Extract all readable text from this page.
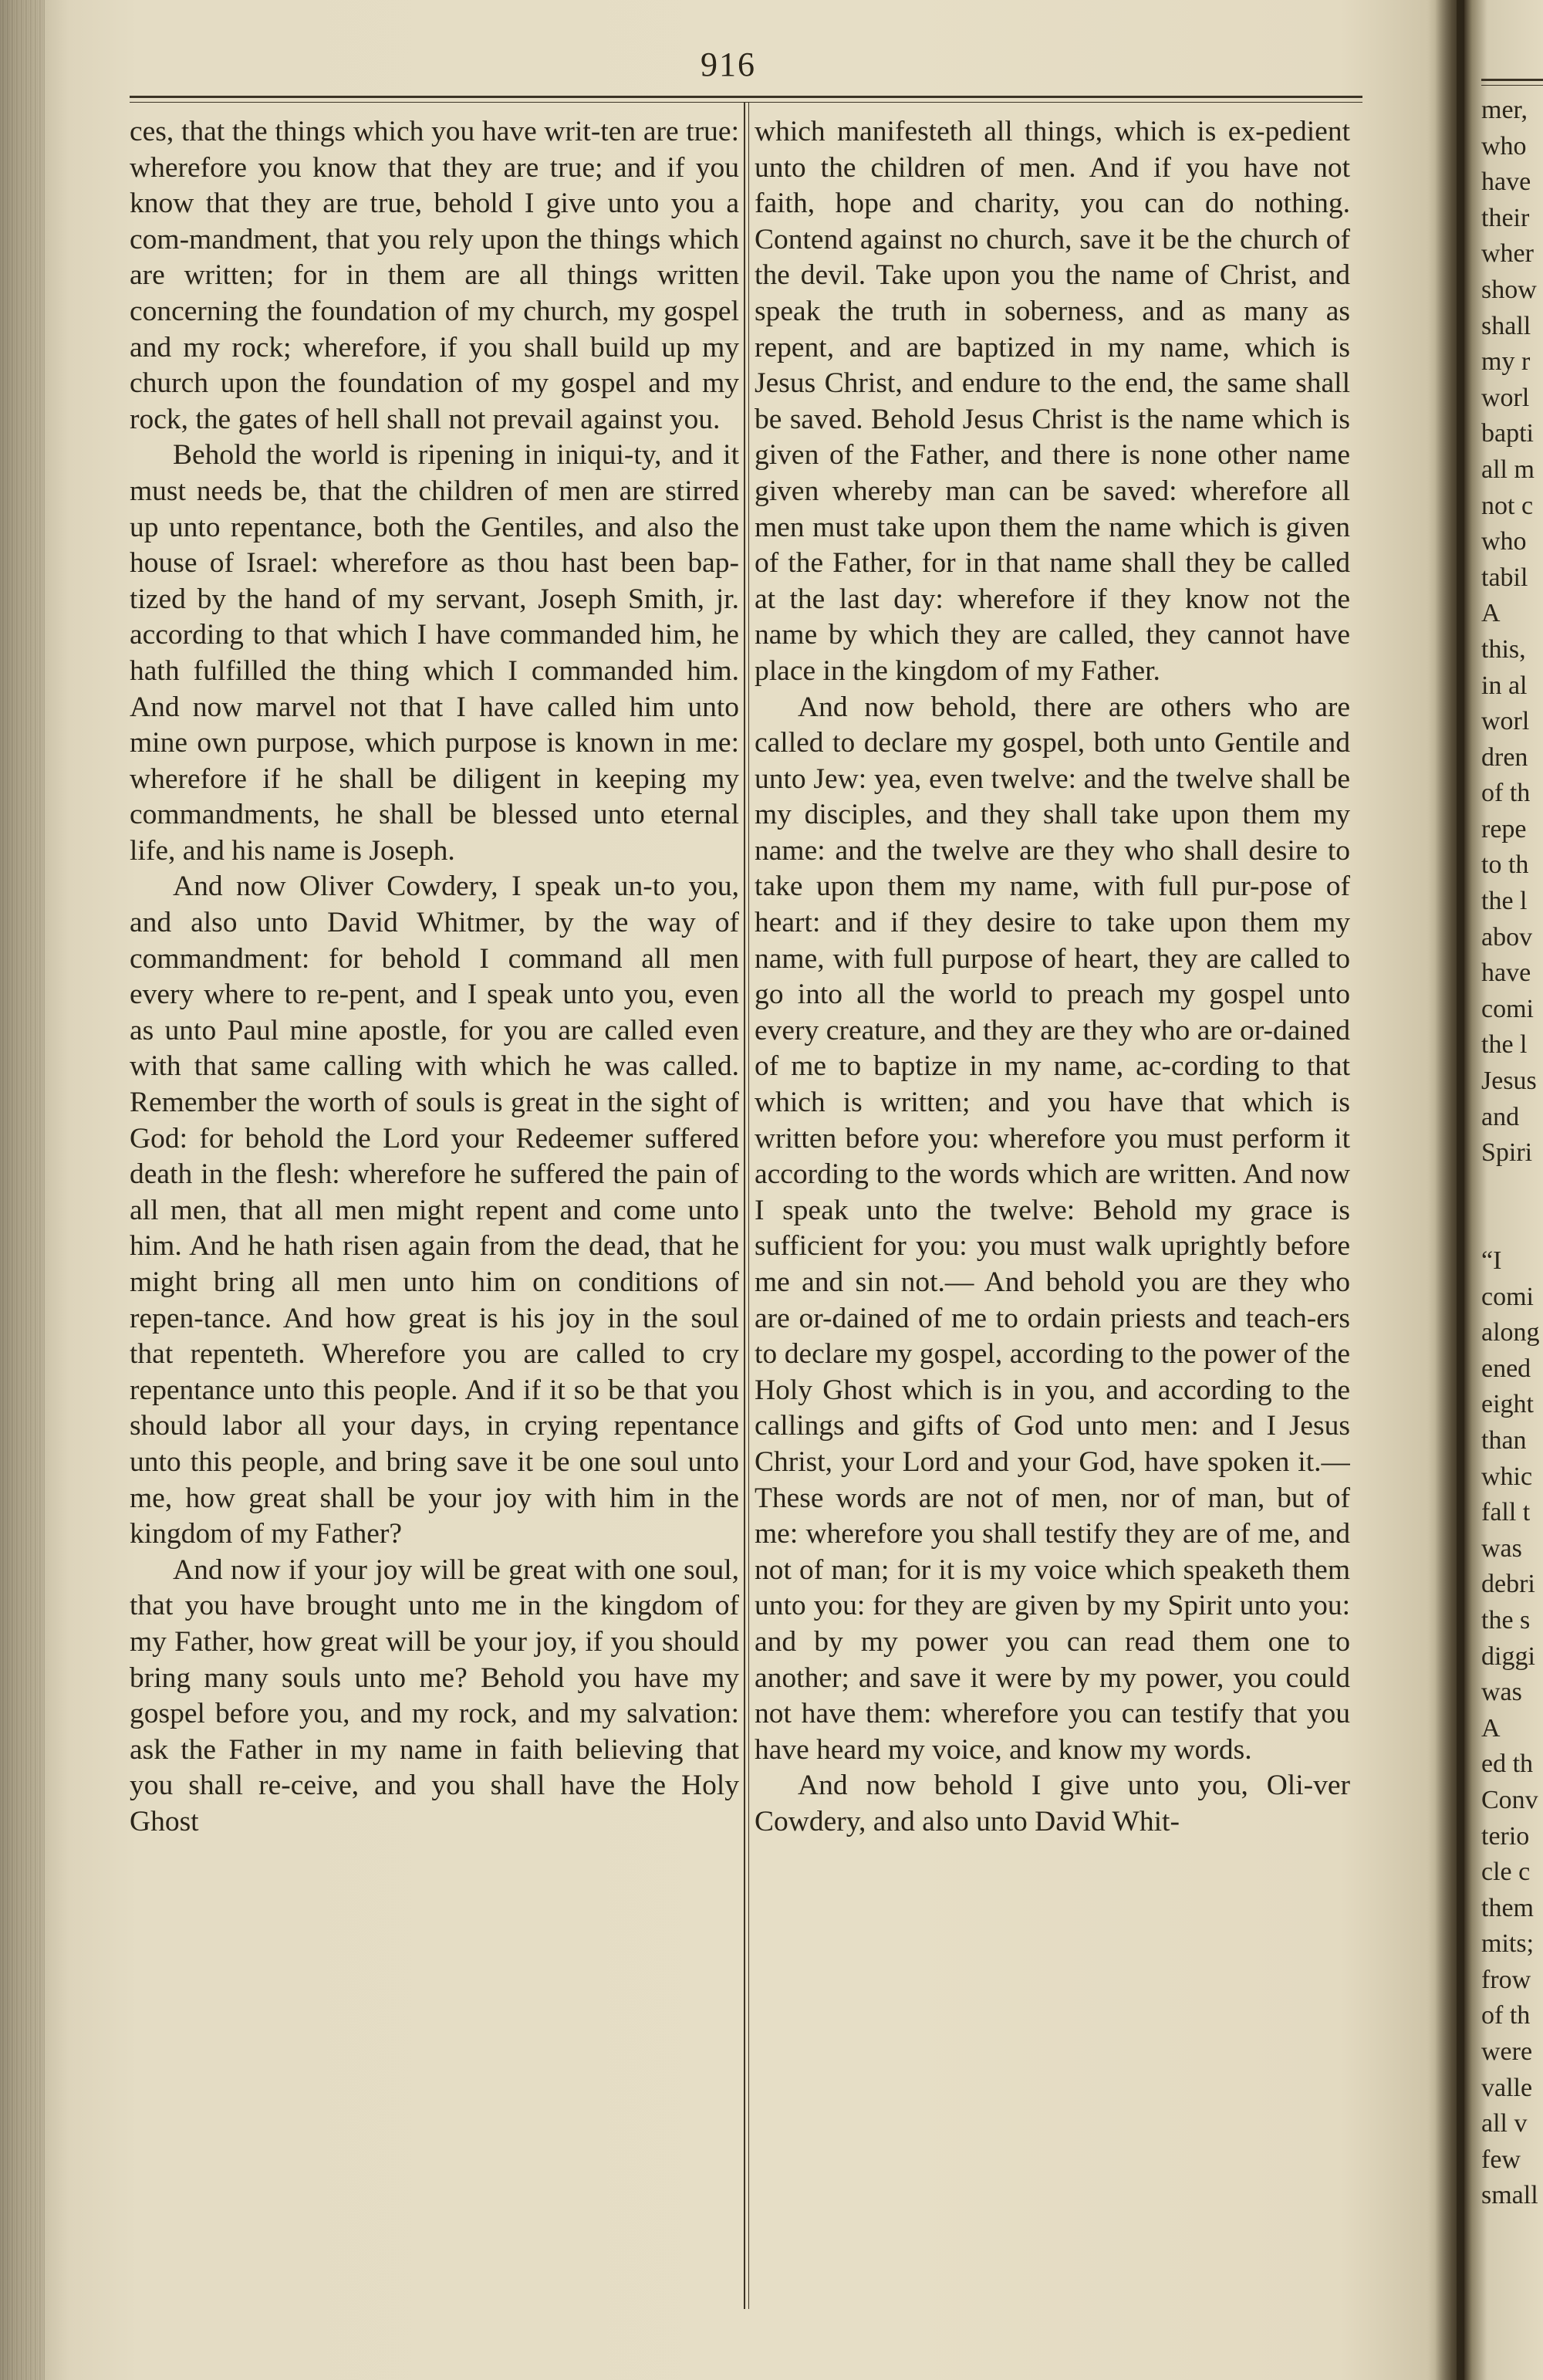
916

ces, that the things which you have writ-ten are true: wherefore you know that they are true; and if you know that they are true, behold I give unto you a com-mandment, that you rely upon the things which are written; for in them are all things written concerning the foundation of my church, my gospel and my rock; wherefore, if you shall build up my church upon the foundation of my gospel and my rock, the gates of hell shall not prevail against you.

Behold the world is ripening in iniqui-ty, and it must needs be, that the children of men are stirred up unto repentance, both the Gentiles, and also the house of Israel: wherefore as thou hast been bap-tized by the hand of my servant, Joseph Smith, jr. according to that which I have commanded him, he hath fulfilled the thing which I commanded him. And now marvel not that I have called him unto mine own purpose, which purpose is known in me: wherefore if he shall be diligent in keeping my commandments, he shall be blessed unto eternal life, and his name is Joseph.

And now Oliver Cowdery, I speak un-to you, and also unto David Whitmer, by the way of commandment: for behold I command all men every where to re-pent, and I speak unto you, even as unto Paul mine apostle, for you are called even with that same calling with which he was called. Remember the worth of souls is great in the sight of God: for behold the Lord your Redeemer suffered death in the flesh: wherefore he suffered the pain of all men, that all men might repent and come unto him. And he hath risen again from the dead, that he might bring all men unto him on conditions of repen-tance. And how great is his joy in the soul that repenteth. Wherefore you are called to cry repentance unto this people. And if it so be that you should labor all your days, in crying repentance unto this people, and bring save it be one soul unto me, how great shall be your joy with him in the kingdom of my Father?

And now if your joy will be great with one soul, that you have brought unto me in the kingdom of my Father, how great will be your joy, if you should bring many souls unto me? Behold you have my gospel before you, and my rock, and my salvation: ask the Father in my name in faith believing that you shall re-ceive, and you shall have the Holy Ghost

which manifesteth all things, which is ex-pedient unto the children of men. And if you have not faith, hope and charity, you can do nothing. Contend against no church, save it be the church of the devil. Take upon you the name of Christ, and speak the truth in soberness, and as many as repent, and are baptized in my name, which is Jesus Christ, and endure to the end, the same shall be saved. Behold Jesus Christ is the name which is given of the Father, and there is none other name given whereby man can be saved: wherefore all men must take upon them the name which is given of the Father, for in that name shall they be called at the last day: wherefore if they know not the name by which they are called, they cannot have place in the kingdom of my Father.

And now behold, there are others who are called to declare my gospel, both unto Gentile and unto Jew: yea, even twelve: and the twelve shall be my disciples, and they shall take upon them my name: and the twelve are they who shall desire to take upon them my name, with full pur-pose of heart: and if they desire to take upon them my name, with full purpose of heart, they are called to go into all the world to preach my gospel unto every creature, and they are they who are or-dained of me to baptize in my name, ac-cording to that which is written; and you have that which is written before you: wherefore you must perform it according to the words which are written. And now I speak unto the twelve: Behold my grace is sufficient for you: you must walk uprightly before me and sin not.— And behold you are they who are or-dained of me to ordain priests and teach-ers to declare my gospel, according to the power of the Holy Ghost which is in you, and according to the callings and gifts of God unto men: and I Jesus Christ, your Lord and your God, have spoken it.— These words are not of men, nor of man, but of me: wherefore you shall testify they are of me, and not of man; for it is my voice which speaketh them unto you: for they are given by my Spirit unto you: and by my power you can read them one to another; and save it were by my power, you could not have them: wherefore you can testify that you have heard my voice, and know my words.

And now behold I give unto you, Oli-ver Cowdery, and also unto David Whit-

mer,
who
have
their
wher
show
shall
my r
worl
bapti
all m
not c
who
tabil
A
this,
in al
worl
dren
of th
repe
to th
the l
abov
have
comi
the l
Jesus
and
Spiri

“I
comi
along
ened
eight
than
whic
fall t
was
debri
the s
diggi
was
A
ed th
Conv
terio
cle c
them
mits;
frow
of th
were
valle
all v
few
small
